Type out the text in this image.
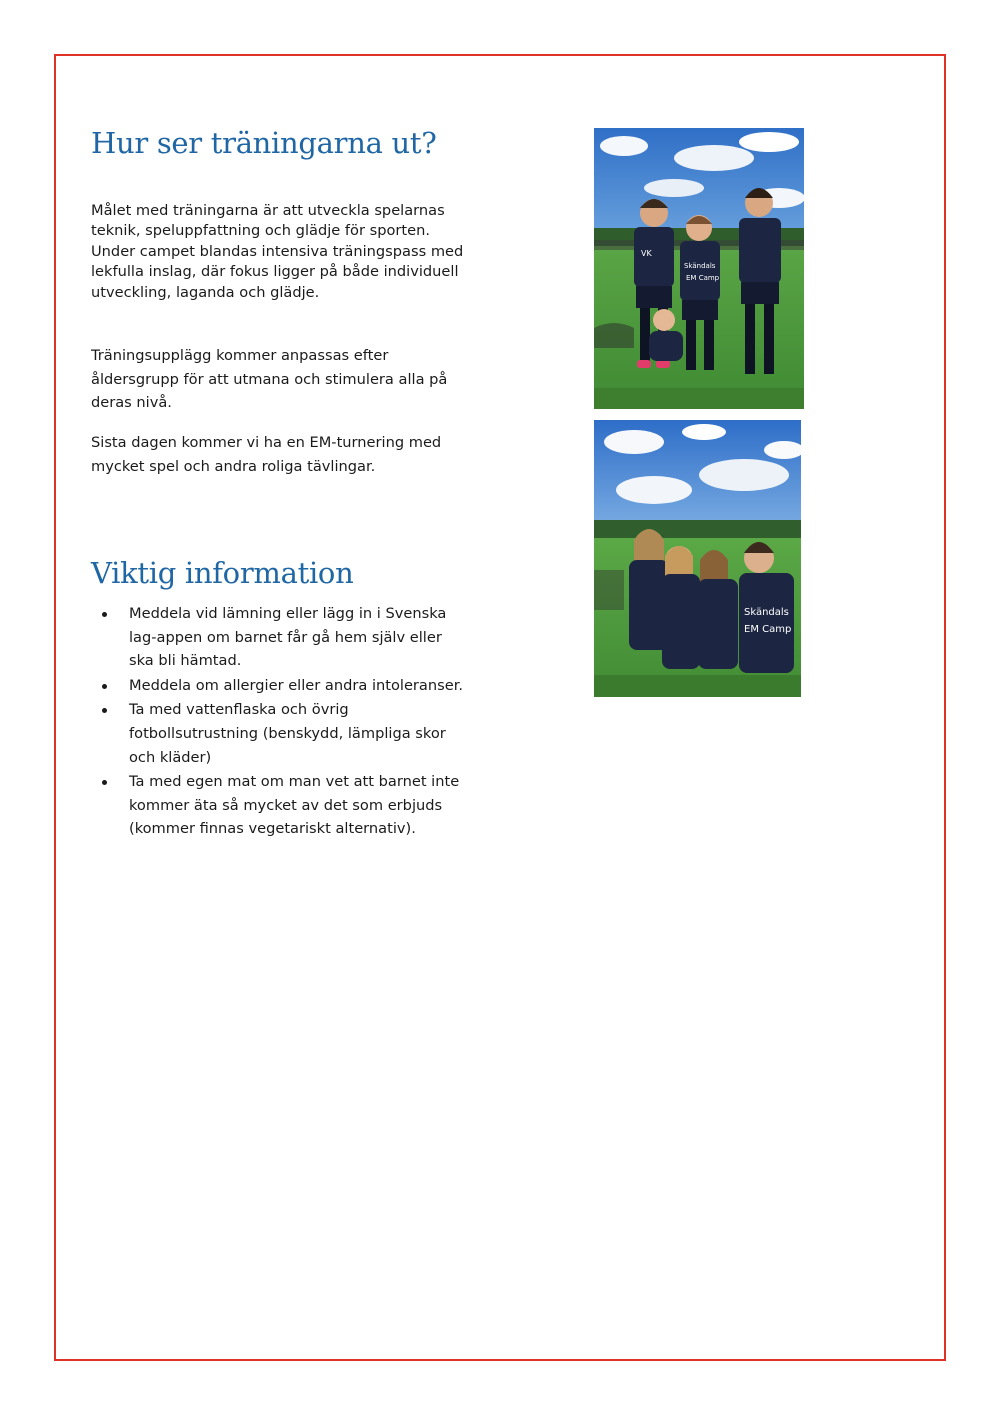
Hur ser träningarna ut?

Målet med träningarna är att utveckla spelarnas teknik, speluppfattning och glädje för sporten. Under campet blandas intensiva träningspass med lekfulla inslag, där fokus ligger på både individuell utveckling, laganda och glädje.

Träningsupplägg kommer anpassas efter åldersgrupp för att utmana och stimulera alla på deras nivå.

Sista dagen kommer vi ha en EM-turnering med mycket spel och andra roliga tävlingar.

Viktig information
Meddela vid lämning eller lägg in i Svenska lag-appen om barnet får gå hem själv eller ska bli hämtad.
Meddela om allergier eller andra intoleranser.
Ta med vattenflaska och övrig fotbollsutrustning (benskydd, lämpliga skor och kläder)
Ta med egen mat om man vet att barnet inte kommer äta så mycket av det som erbjuds (kommer finnas vegetariskt alternativ).
VK
Skändals
EM Camp
Skändals
EM Camp
